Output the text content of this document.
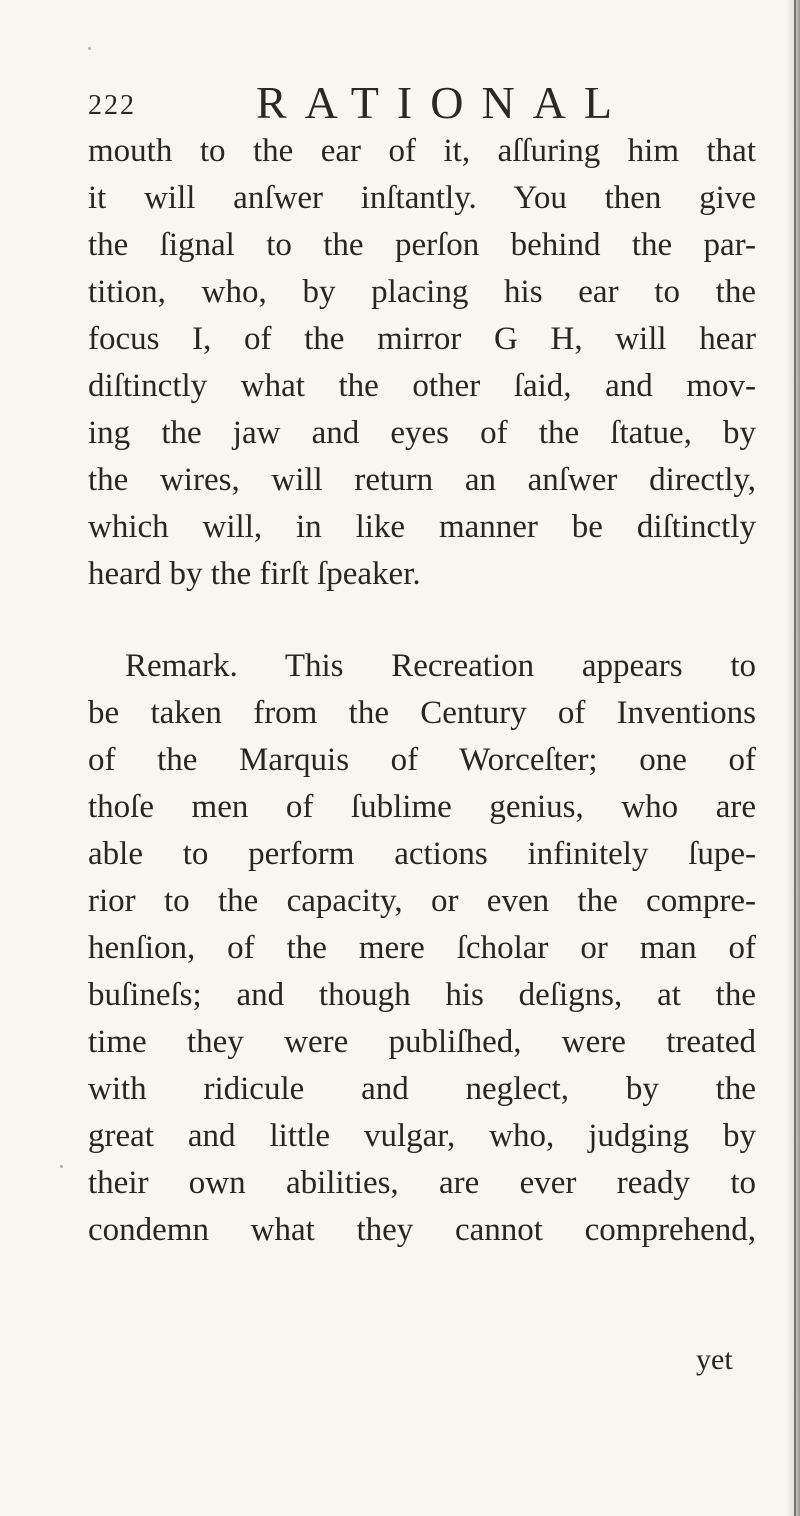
222	RATIONAL
mouth to the ear of it, aſſuring him that
it will anſwer inſtantly. You then give
the ſignal to the perſon behind the par-
tition, who, by placing his ear to the
focus I, of the mirror G H, will hear
diſtinctly what the other ſaid, and mov-
ing the jaw and eyes of the ſtatue, by
the wires, will return an anſwer directly,
which will, in like manner be diſtinctly
heard by the firſt ſpeaker.
Remark. This Recreation appears to
be taken from the Century of Inventions
of the Marquis of Worceſter; one of
thoſe men of ſublime genius, who are
able to perform actions infinitely ſupe-
rior to the capacity, or even the compre-
henſion, of the mere ſcholar or man of
buſineſs; and though his deſigns, at the
time they were publiſhed, were treated
with ridicule and neglect, by the
great and little vulgar, who, judging by
their own abilities, are ever ready to
condemn what they cannot comprehend,
yet
